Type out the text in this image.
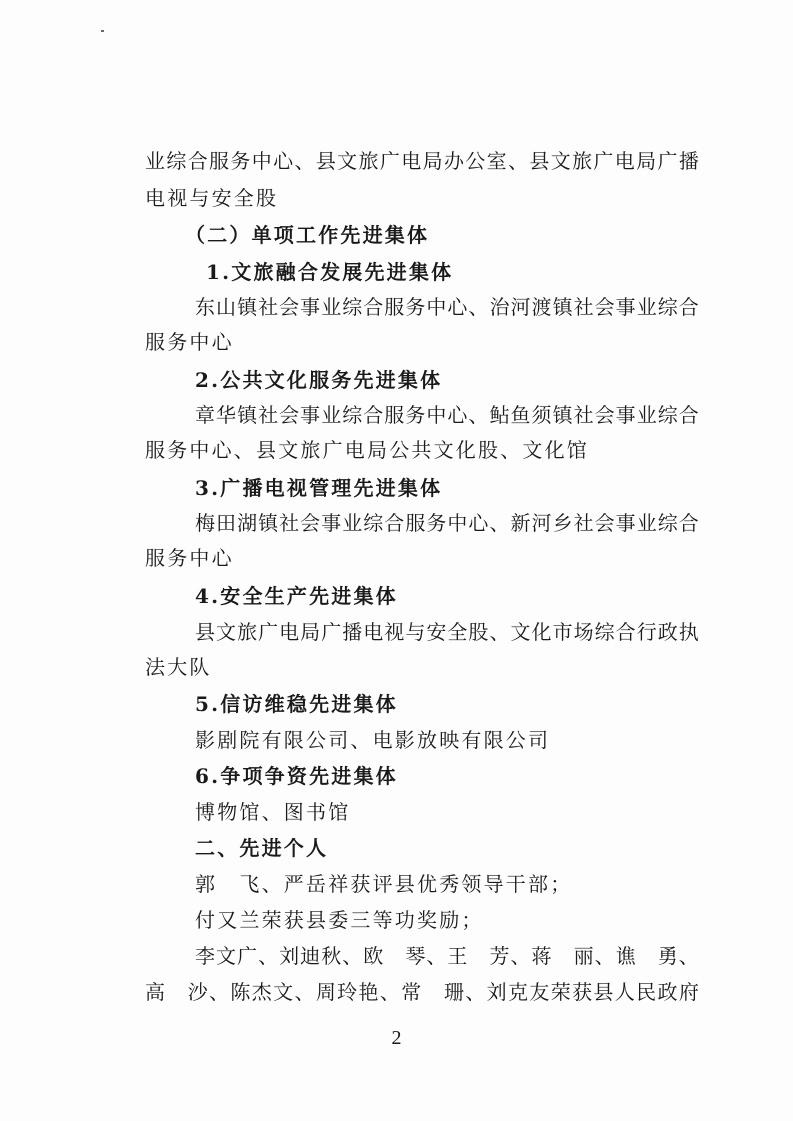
业综合服务中心、县文旅广电局办公室、县文旅广电局广播
电视与安全股
（二）单项工作先进集体
1.文旅融合发展先进集体
东山镇社会事业综合服务中心、治河渡镇社会事业综合
服务中心
2.公共文化服务先进集体
章华镇社会事业综合服务中心、鲇鱼须镇社会事业综合
服务中心、县文旅广电局公共文化股、文化馆
3.广播电视管理先进集体
梅田湖镇社会事业综合服务中心、新河乡社会事业综合
服务中心
4.安全生产先进集体
县文旅广电局广播电视与安全股、文化市场综合行政执
法大队
5.信访维稳先进集体
影剧院有限公司、电影放映有限公司
6.争项争资先进集体
博物馆、图书馆
二、先进个人
郭　飞、严岳祥获评县优秀领导干部；
付又兰荣获县委三等功奖励；
李文广、刘迪秋、欧　琴、王　芳、蒋　丽、谯　勇、
高　沙、陈杰文、周玲艳、常　珊、刘克友荣获县人民政府
2
